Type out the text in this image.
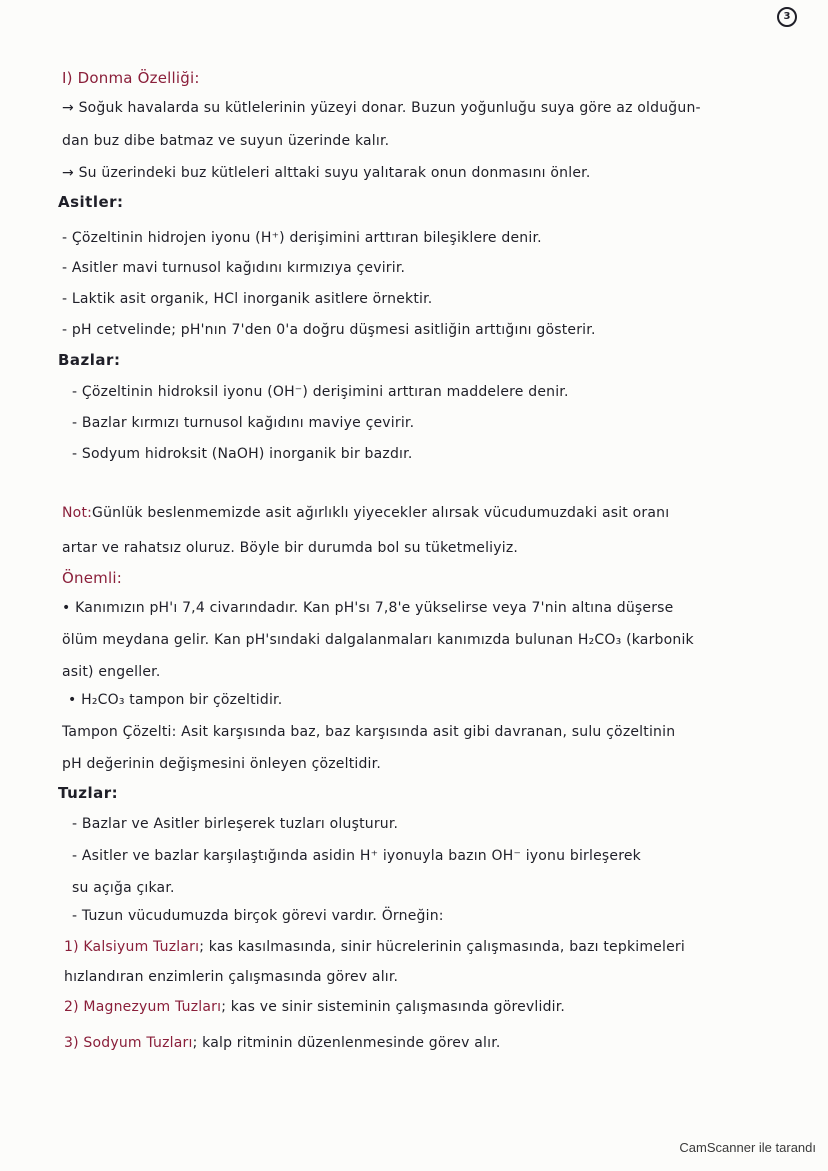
3
I) Donma Özelliği:
→ Soğuk havalarda su kütlelerinin yüzeyi donar. Buzun yoğunluğu suya göre az olduğun-
dan buz dibe batmaz ve suyun üzerinde kalır.
→ Su üzerindeki buz kütleleri alttaki suyu yalıtarak onun donmasını önler.
Asitler:
- Çözeltinin hidrojen iyonu (H⁺) derişimini arttıran bileşiklere denir.
- Asitler mavi turnusol kağıdını kırmızıya çevirir.
- Laktik asit organik, HCl inorganik asitlere örnektir.
- pH cetvelinde; pH'nın 7'den 0'a doğru düşmesi asitliğin arttığını gösterir.
Bazlar:
- Çözeltinin hidroksil iyonu (OH⁻) derişimini arttıran maddelere denir.
- Bazlar kırmızı turnusol kağıdını maviye çevirir.
- Sodyum hidroksit (NaOH) inorganik bir bazdır.
Not:Günlük beslenmemizde asit ağırlıklı yiyecekler alırsak vücudumuzdaki asit oranı
artar ve rahatsız oluruz. Böyle bir durumda bol su tüketmeliyiz.
Önemli:
• Kanımızın pH'ı 7,4 civarındadır. Kan pH'sı 7,8'e yükselirse veya 7'nin altına düşerse
ölüm meydana gelir. Kan pH'sındaki dalgalanmaları kanımızda bulunan H₂CO₃ (karbonik
asit) engeller.
• H₂CO₃ tampon bir çözeltidir.
Tampon Çözelti: Asit karşısında baz, baz karşısında asit gibi davranan, sulu çözeltinin
pH değerinin değişmesini önleyen çözeltidir.
Tuzlar:
- Bazlar ve Asitler birleşerek tuzları oluşturur.
- Asitler ve bazlar karşılaştığında asidin H⁺ iyonuyla bazın OH⁻ iyonu birleşerek
su açığa çıkar.
- Tuzun vücudumuzda birçok görevi vardır. Örneğin:
1) Kalsiyum Tuzları; kas kasılmasında, sinir hücrelerinin çalışmasında, bazı tepkimeleri
hızlandıran enzimlerin çalışmasında görev alır.
2) Magnezyum Tuzları; kas ve sinir sisteminin çalışmasında görevlidir.
3) Sodyum Tuzları; kalp ritminin düzenlenmesinde görev alır.
CamScanner ile tarandı
